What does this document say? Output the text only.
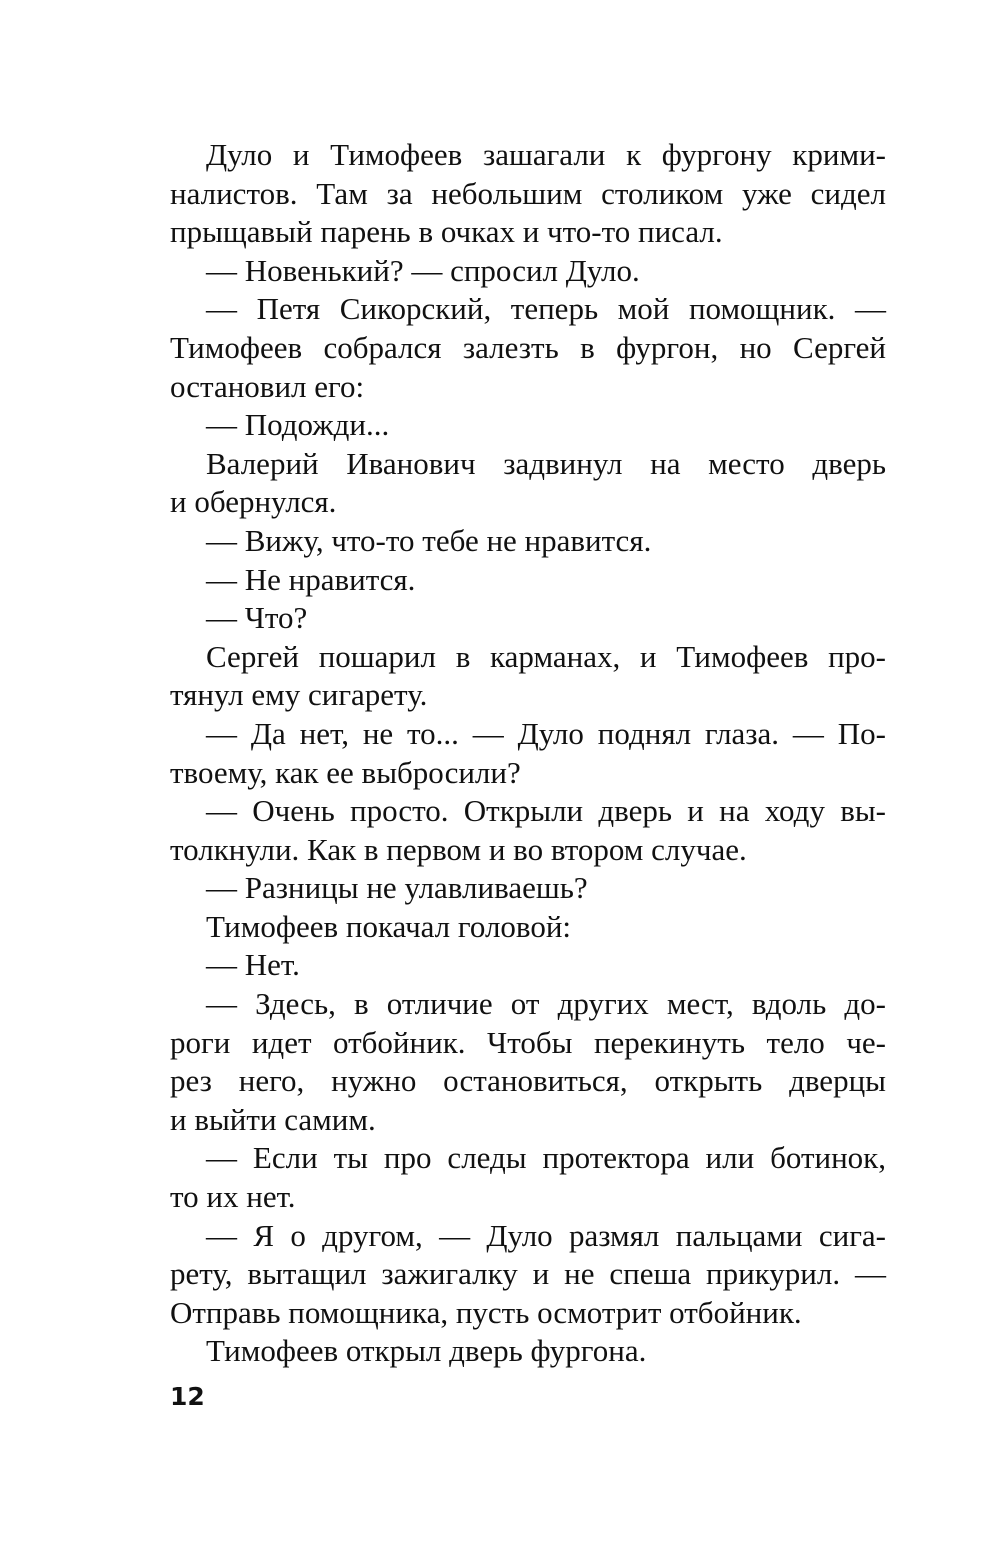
Дуло и Тимофеев зашагали к фургону крими-
налистов. Там за небольшим столиком уже сидел
прыщавый парень в очках и что-то писал.
— Новенький? — спросил Дуло.
— Петя Сикорский, теперь мой помощник. —
Тимофеев собрался залезть в фургон, но Сергей
остановил его:
— Подожди...
Валерий Иванович задвинул на место дверь
и обернулся.
— Вижу, что-то тебе не нравится.
— Не нравится.
— Что?
Сергей пошарил в карманах, и Тимофеев про-
тянул ему сигарету.
— Да нет, не то... — Дуло поднял глаза. — По-
твоему, как ее выбросили?
— Очень просто. Открыли дверь и на ходу вы-
толкнули. Как в первом и во втором случае.
— Разницы не улавливаешь?
Тимофеев покачал головой:
— Нет.
— Здесь, в отличие от других мест, вдоль до-
роги идет отбойник. Чтобы перекинуть тело че-
рез него, нужно остановиться, открыть дверцы
и выйти самим.
— Если ты про следы протектора или ботинок,
то их нет.
— Я о другом, — Дуло размял пальцами сига-
рету, вытащил зажигалку и не спеша прикурил. —
Отправь помощника, пусть осмотрит отбойник.
Тимофеев открыл дверь фургона.
12
